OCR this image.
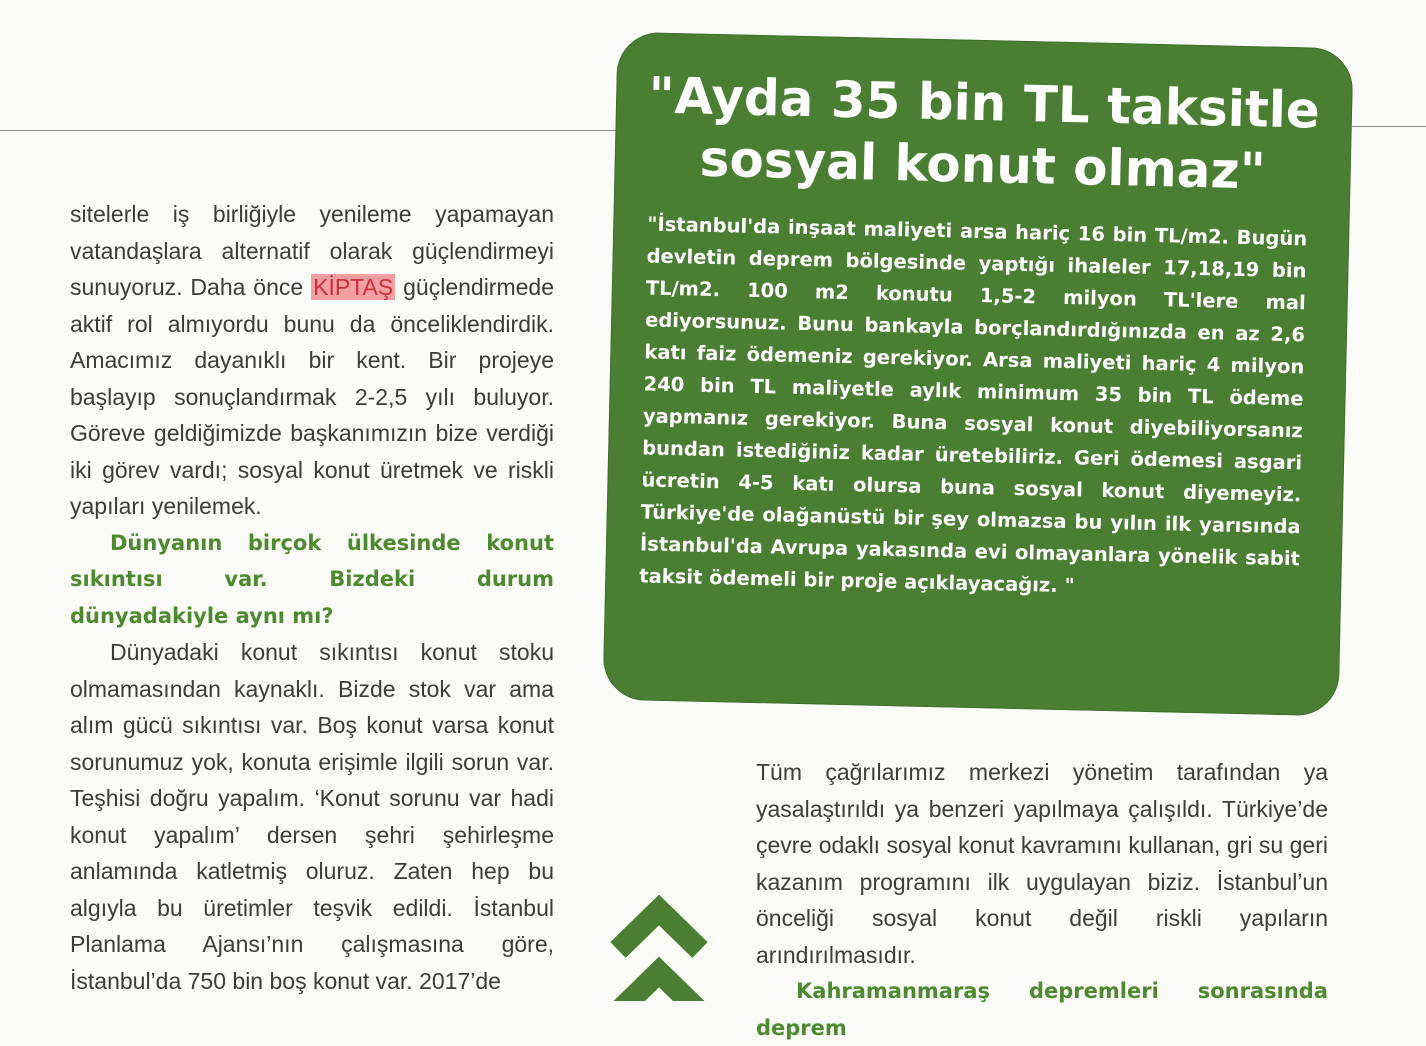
sitelerle iş birliğiyle yenileme yapamayan vatandaşlara alternatif olarak güçlendirmeyi sunuyoruz. Daha önce KİPTAŞ güçlendirmede aktif rol almıyordu bunu da önceliklendirdik. Amacımız dayanıklı bir kent. Bir projeye başlayıp sonuçlandırmak 2-2,5 yılı buluyor. Göreve geldiğimizde başkanımızın bize verdiği iki görev vardı; sosyal konut üretmek ve riskli yapıları yenilemek.

Dünyanın birçok ülkesinde konut sıkıntısı var. Bizdeki durum dünyadakiyle aynı mı?

Dünyadaki konut sıkıntısı konut stoku olmamasından kaynaklı. Bizde stok var ama alım gücü sıkıntısı var. Boş konut varsa konut sorunumuz yok, konuta erişimle ilgili sorun var. Teşhisi doğru yapalım. ‘Konut sorunu var hadi konut yapalım’ dersen şehri şehirleşme anlamında katletmiş oluruz. Zaten hep bu algıyla bu üretimler teşvik edildi. İstanbul Planlama Ajansı’nın çalışmasına göre, İstanbul’da 750 bin boş konut var. 2017’de

"Ayda 35 bin TL taksitle sosyal konut olmaz"

"İstanbul'da inşaat maliyeti arsa hariç 16 bin TL/m2. Bugün devletin deprem bölgesinde yaptığı ihaleler 17,18,19 bin TL/m2. 100 m2 konutu 1,5-2 milyon TL'lere mal ediyorsunuz. Bunu bankayla borçlandırdığınızda en az 2,6 katı faiz ödemeniz gerekiyor. Arsa maliyeti hariç 4 milyon 240 bin TL maliyetle aylık minimum 35 bin TL ödeme yapmanız gerekiyor. Buna sosyal konut diyebiliyorsanız bundan istediğiniz kadar üretebiliriz. Geri ödemesi asgari ücretin 4-5 katı olursa buna sosyal konut diyemeyiz. Türkiye'de olağanüstü bir şey olmazsa bu yılın ilk yarısında İstanbul'da Avrupa yakasında evi olmayanlara yönelik sabit taksit ödemeli bir proje açıklayacağız. "

Tüm çağrılarımız merkezi yönetim tarafından ya yasalaştırıldı ya benzeri yapılmaya çalışıldı. Türkiye’de çevre odaklı sosyal konut kavramını kullanan, gri su geri kazanım programını ilk uygulayan biziz. İstanbul’un önceliği sosyal konut değil riskli yapıların arındırılmasıdır.

Kahramanmaraş depremleri sonrasında deprem
